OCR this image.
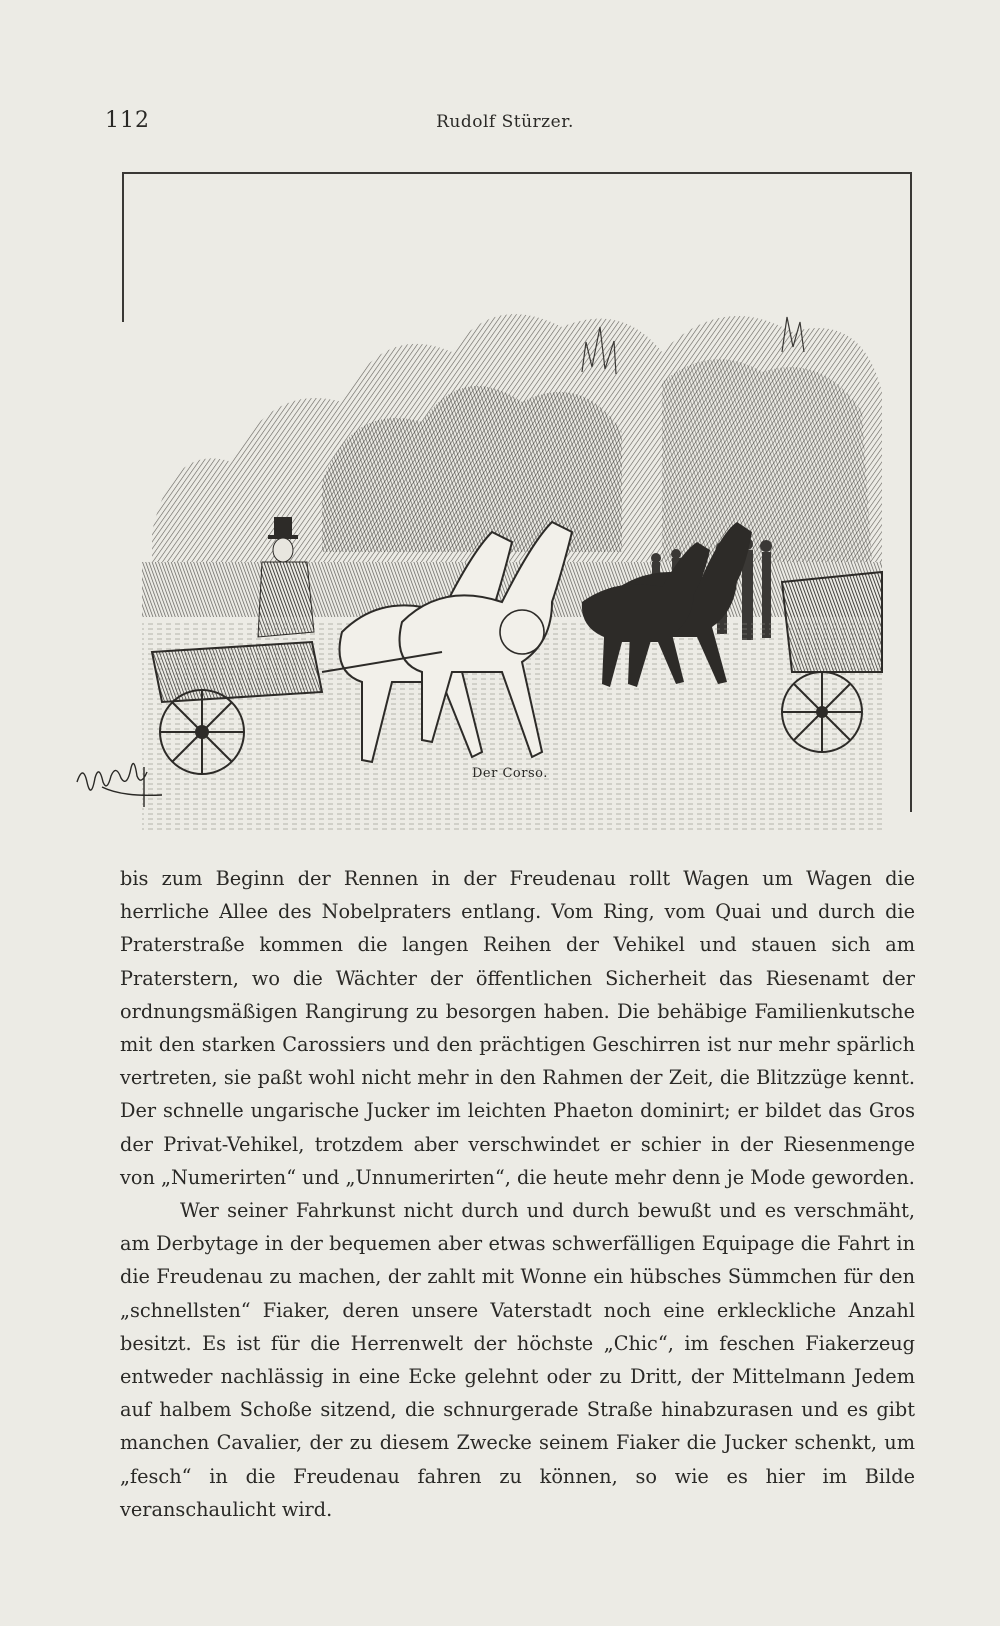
112	Rudolf Stürzer.
Der Corso.

bis zum Beginn der Rennen in der Freudenau rollt Wagen um Wagen die herrliche Allee des Nobelpraters entlang. Vom Ring, vom Quai und durch die Praterstraße kommen die langen Reihen der Vehikel und stauen sich am Praterstern, wo die Wächter der öffentlichen Sicherheit das Riesenamt der ordnungsmäßigen Rangirung zu besorgen haben. Die behäbige Familienkutsche mit den starken Carossiers und den prächtigen Geschirren ist nur mehr spärlich vertreten, sie paßt wohl nicht mehr in den Rahmen der Zeit, die Blitzzüge kennt. Der schnelle ungarische Jucker im leichten Phaeton dominirt; er bildet das Gros der Privat-Vehikel, trotzdem aber verschwindet er schier in der Riesenmenge von „Numerirten“ und „Unnumerirten“, die heute mehr denn je Mode geworden.

Wer seiner Fahrkunst nicht durch und durch bewußt und es verschmäht, am Derbytage in der bequemen aber etwas schwerfälligen Equipage die Fahrt in die Freudenau zu machen, der zahlt mit Wonne ein hübsches Sümmchen für den „schnellsten“ Fiaker, deren unsere Vaterstadt noch eine erkleckliche Anzahl besitzt. Es ist für die Herrenwelt der höchste „Chic“, im feschen Fiakerzeug entweder nachlässig in eine Ecke gelehnt oder zu Dritt, der Mittelmann Jedem auf halbem Schoße sitzend, die schnurgerade Straße hinabzurasen und es gibt manchen Cavalier, der zu diesem Zwecke seinem Fiaker die Jucker schenkt, um „fesch“ in die Freudenau fahren zu können, so wie es hier im Bilde veranschaulicht wird.
